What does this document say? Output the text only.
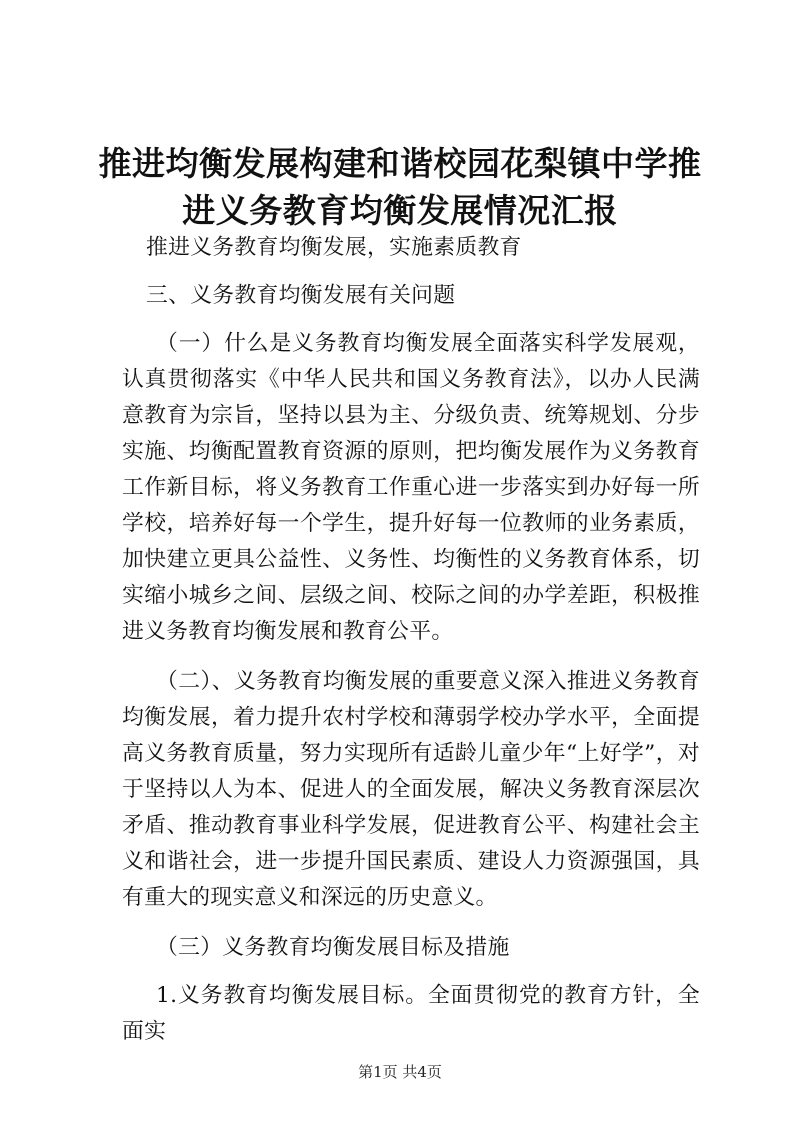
推进均衡发展构建和谐校园花梨镇中学推进义务教育均衡发展情况汇报

推进义务教育均衡发展，实施素质教育

三、义务教育均衡发展有关问题

（一）什么是义务教育均衡发展全面落实科学发展观，认真贯彻落实《中华人民共和国义务教育法》，以办人民满意教育为宗旨，坚持以县为主、分级负责、统筹规划、分步实施、均衡配置教育资源的原则，把均衡发展作为义务教育工作新目标，将义务教育工作重心进一步落实到办好每一所学校，培养好每一个学生，提升好每一位教师的业务素质，加快建立更具公益性、义务性、均衡性的义务教育体系，切实缩小城乡之间、层级之间、校际之间的办学差距，积极推进义务教育均衡发展和教育公平。

（二）、义务教育均衡发展的重要意义深入推进义务教育均衡发展，着力提升农村学校和薄弱学校办学水平，全面提高义务教育质量，努力实现所有适龄儿童少年“上好学”，对于坚持以人为本、促进人的全面发展，解决义务教育深层次矛盾、推动教育事业科学发展，促进教育公平、构建社会主义和谐社会，进一步提升国民素质、建设人力资源强国，具有重大的现实意义和深远的历史意义。

（三）义务教育均衡发展目标及措施

1.义务教育均衡发展目标。全面贯彻党的教育方针，全面实

第1页 共4页
